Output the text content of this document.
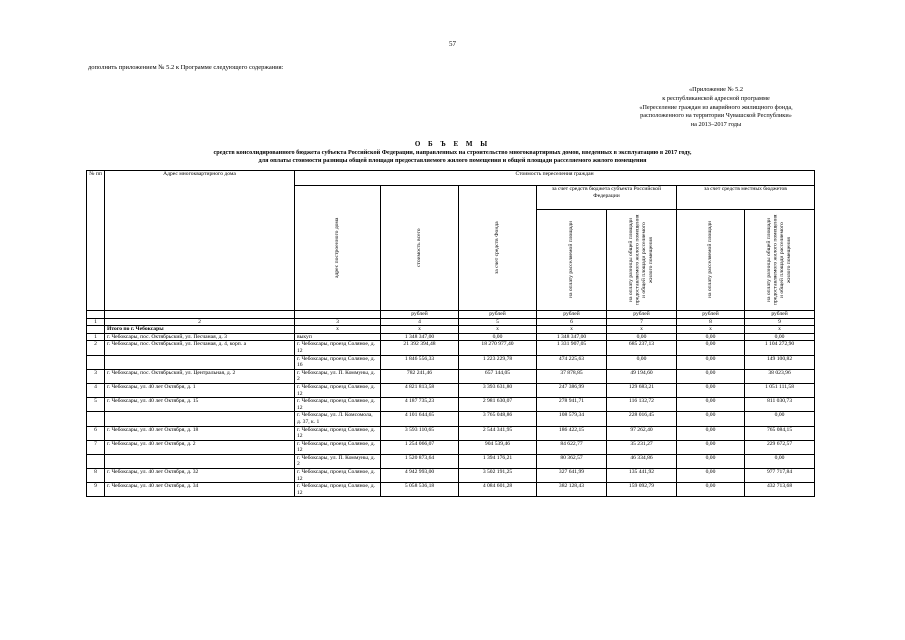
57
дополнить приложением № 5.2 к Программе следующего содержания:
«Приложение № 5.2
к республиканской адресной программе
«Переселение граждан из аварийного жилищного фонда,
расположенного на территории Чувашской Республики»
на 2013–2017 годы
О Б Ъ Е М Ы
средств консолидированного бюджета субъекта Российской Федерации, направленных на строительство многоквартирных домов, введенных в эксплуатацию в 2017 году,
для оплаты стоимости разницы общей площади предоставляемого жилого помещения и общей площади расселяемого жилого помещения
№ пп	Адрес многоквартирного дома	Стоимость переселения граждан						

		адрес построенного дома	стоимость всего	за счет средств Фонда	за счет средств бюджета субъекта Российской Федерации		за счет средств местных бюджетов	

					на оплату расселяемой площади	на оплату разницы общей площади предоставляемого жилого помещения и общей площади расселяемого жилого помещения	на оплату расселяемой площади	на оплату разницы общей площади предоставляемого жилого помещения и общей площади расселяемого жилого помещения

			рублей	рублей	рублей	рублей	рублей	рублей
1	2	3	4	5	6	7	8	9
	Итого по г. Чебоксары	x	x	x	x	x	x	x
1	г. Чебоксары, пос. Октябрьский, ул. Песчаная, д. 3	выкуп	1 348 347,00	0,00	1 348 347,00	0,00	0,00	0,00
2	г. Чебоксары, пос. Октябрьский, ул. Песчаная, д. 4, корп. а	г. Чебоксары, проезд Соляное, д. 12	21 392 394,48	18 270 977,40	1 331 907,05	685 237,13	0,00	1 104 272,90
		г. Чебоксары, проезд Соляное, д. 16	1 846 556,33	1 223 229,78	474 225,63	0,00	0,00	149 100,82
3	г. Чебоксары, пос. Октябрьский, ул. Центральная, д. 2	г. Чебоксары, ул. П. Коммуны, д. 2	782 241,46	657 144,05	37 878,85	49 194,60	0,00	38 023,96
4	г. Чебоксары, ул. 40 лет Октября, д. 1	г. Чебоксары, проезд Соляное, д. 12	4 821 813,58	3 393 631,80	247 386,99	129 683,21	0,00	1 051 111,58
5	г. Чебоксары, ул. 40 лет Октября, д. 15	г. Чебоксары, проезд Соляное, д. 12	4 187 735,23	2 981 630,07	278 941,71	116 132,72	0,00	811 030,73
		г. Чебоксары, ул. Л. Комсомола, д. 37, к. 1	4 101 644,65	3 765 048,86	108 579,34	228 016,45	0,00	0,00
6	г. Чебоксары, ул. 40 лет Октября, д. 18	г. Чебоксары, проезд Соляное, д. 12	3 593 110,65	2 544 341,95	186 422,15	97 262,40	0,00	765 084,15
7	г. Чебоксары, ул. 40 лет Октября, д. 2	г. Чебоксары, проезд Соляное, д. 12	1 254 066,07	904 539,46	84 622,77	35 231,27	0,00	229 672,57
		г. Чебоксары, ул. П. Коммуны, д. 2	1 520 873,64	1 394 176,21	80 362,57	46 334,86	0,00	0,00
8	г. Чебоксары, ул. 40 лет Октября, д. 32	г. Чебоксары, проезд Соляное, д. 12	4 942 993,00	3 502 191,25	327 641,99	135 441,92	0,00	977 717,84
9	г. Чебоксары, ул. 40 лет Октября, д. 34	г. Чебоксары, проезд Соляное, д. 12	5 058 536,18	4 084 601,28	382 128,43	159 092,79	0,00	432 713,68
